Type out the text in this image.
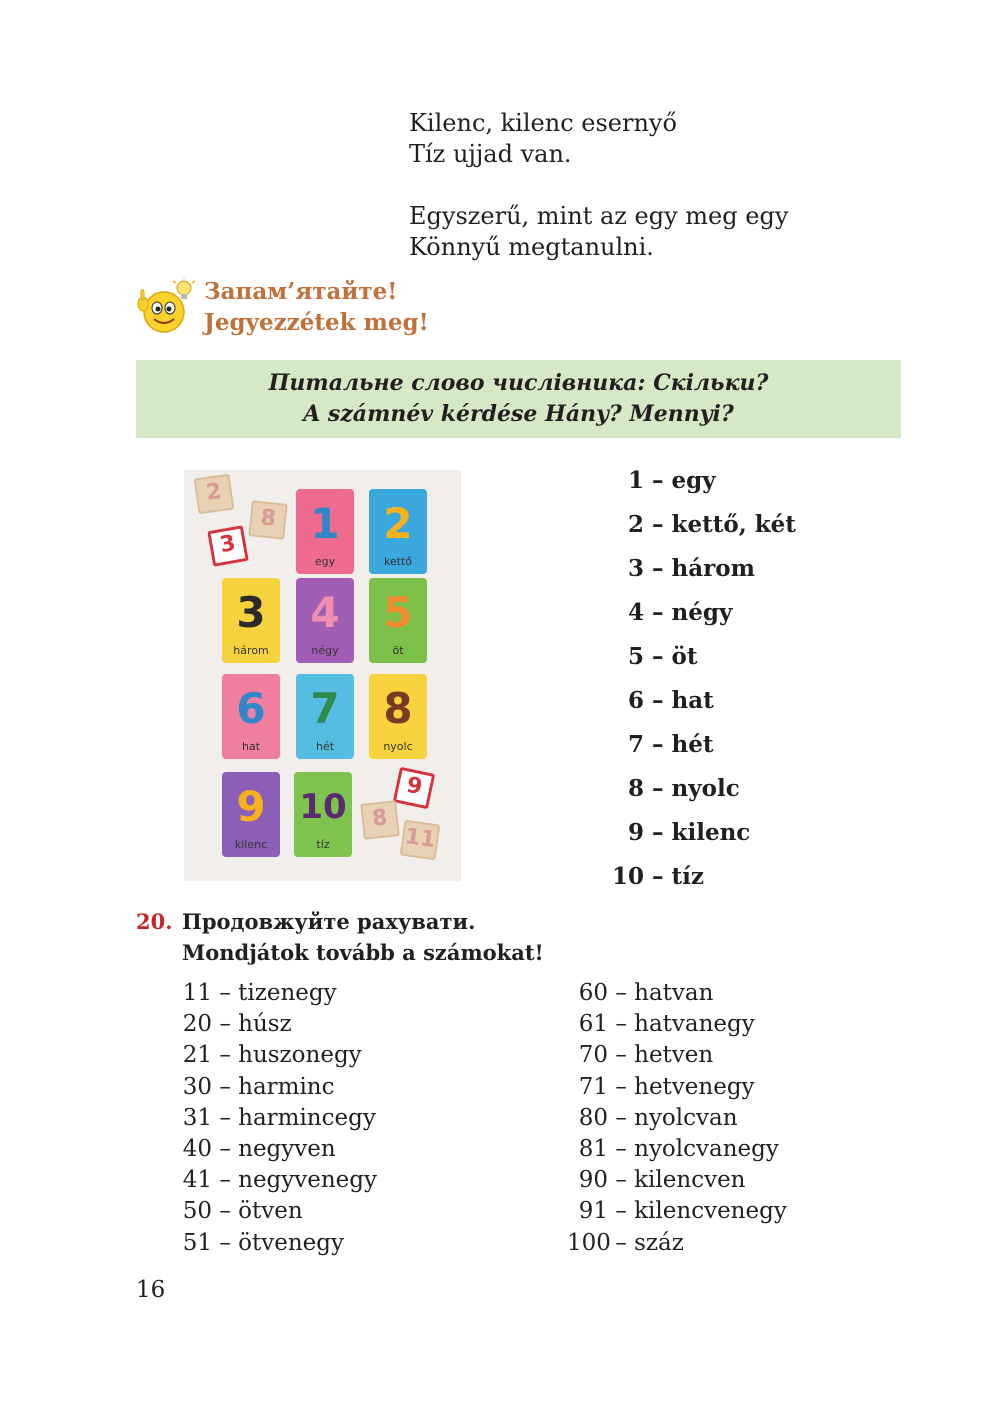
Kilenc, kilenc esernyő
Tíz ujjad van.
Egyszerű, mint az egy meg egy
Könnyű megtanulni.
Запам’ятайте!
Jegyezzétek meg!
Питальне слово числівника: Скільки?
A számnév kérdése Hány? Mennyi?
2
8
3	1
egy
2
kettő
3
három
4
négy
5
öt
6
hat
7
hét
8
nyolc
9
kilenc
10
tíz
9
8
11
1 – egy
2 – kettő, két
3 – három
4 – négy
5 – öt
6 – hat
7 – hét
8 – nyolc
9 – kilenc
10 – tíz
20. Продовжуйте рахувати.
Mondjátok tovább a számokat!
11 – tizenegy
20 – húsz
21 – huszonegy
30 – harminc
31 – harmincegy
40 – negyven
41 – negyvenegy
50 – ötven
51 – ötvenegy
60 – hatvan
61 – hatvanegy
70 – hetven
71 – hetvenegy
80 – nyolcvan
81 – nyolcvanegy
90 – kilencven
91 – kilencvenegy
100 – száz
16
